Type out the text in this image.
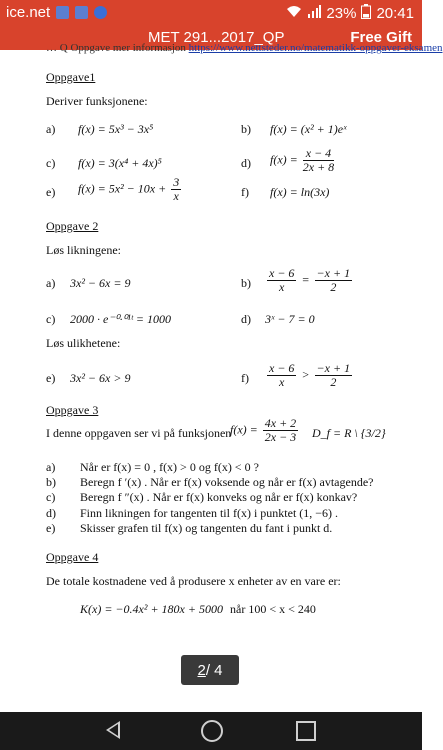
ice.net	23% 20:41
MET 291...2017_QP	Free Gift
… Q Oppgave mer informasjon https://www.nettsteder.no/matematikk-oppgaver-eksamen
Oppgave1
Deriver funksjonene:
a) f(x) = 5x³ − 3x⁵	b) f(x) = (x² + 1)eˣ
c) f(x) = 3(x⁴ + 4x)⁵	d) $f(x) = \frac{x - 4}{2x + 8}$
e) $f(x) = 5x^2 - 10x + \frac{3}{x}$	f) f(x) = ln(3x)
Oppgave 2
Løs likningene:
a) 3x² − 6x = 9	$b) \frac{x - 6}{x} = \frac{-x + 1}{2}$
c) 2000 · e⁻⁰·⁰¹ᵗ = 1000	d) 3ˣ − 7 = 0
Løs ulikhetene:
e) 3x² − 6x > 9	$f) \frac{x - 6}{x} > \frac{-x + 1}{2}$
Oppgave 3
I denne oppgaven ser vi på funksjonen
$f(x) = \frac{4x + 2}{2x - 3}$ D_f = R \ {3/2}
a) Når er f(x) = 0 , f(x) > 0 og f(x) < 0 ?
b) Beregn f ′(x) . Når er f(x) voksende og når er f(x) avtagende?
c) Beregn f ″(x) . Når er f(x) konveks og når er f(x) konkav?
d) Finn likningen for tangenten til f(x) i punktet (1, −6) .
e) Skisser grafen til f(x) og tangenten du fant i punkt d.
Oppgave 4
De totale kostnadene ved å produsere x enheter av en vare er:
K(x) = −0.4x² + 180x + 5000 når 100 < x < 240
2 /
4
